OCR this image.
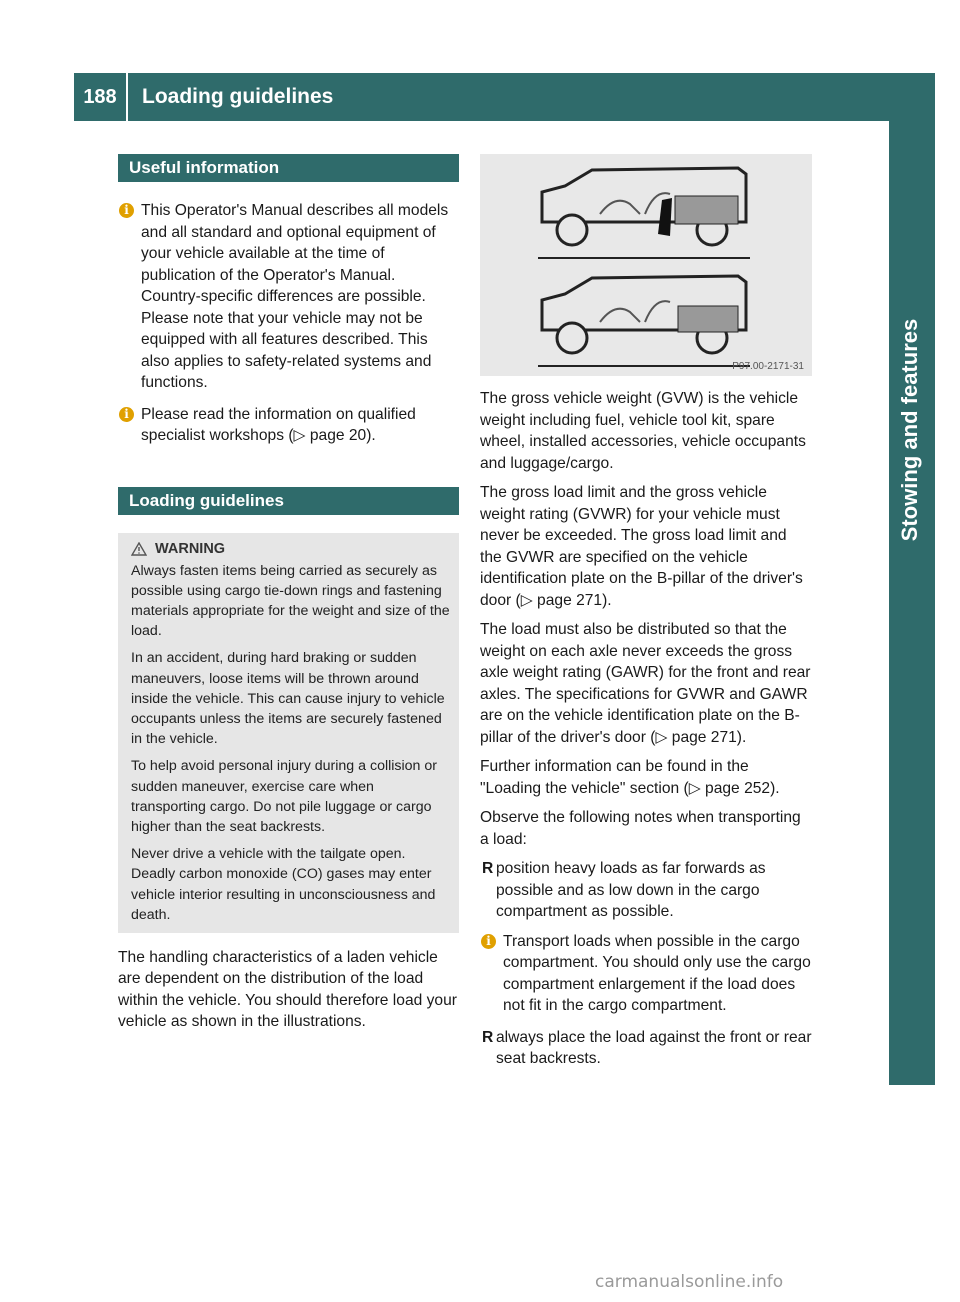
188	Loading guidelines
Stowing and features
Useful information
i This Operator's Manual describes all models and all standard and optional equipment of your vehicle available at the time of publication of the Operator's Manual. Country-specific differences are possible. Please note that your vehicle may not be equipped with all features described. This also applies to safety-related systems and functions.
i Please read the information on qualified specialist workshops (▷ page 20).
Loading guidelines
WARNING

Always fasten items being carried as securely as possible using cargo tie-down rings and fastening materials appropriate for the weight and size of the load.

In an accident, during hard braking or sudden maneuvers, loose items will be thrown around inside the vehicle. This can cause injury to vehicle occupants unless the items are securely fastened in the vehicle.

To help avoid personal injury during a collision or sudden maneuver, exercise care when transporting cargo. Do not pile luggage or cargo higher than the seat backrests.

Never drive a vehicle with the tailgate open. Deadly carbon monoxide (CO) gases may enter vehicle interior resulting in unconsciousness and death.

The handling characteristics of a laden vehicle are dependent on the distribution of the load within the vehicle. You should therefore load your vehicle as shown in the illustrations.

P97.00-2171-31

The gross vehicle weight (GVW) is the vehicle weight including fuel, vehicle tool kit, spare wheel, installed accessories, vehicle occupants and luggage/cargo.

The gross load limit and the gross vehicle weight rating (GVWR) for your vehicle must never be exceeded. The gross load limit and the GVWR are specified on the vehicle identification plate on the B-pillar of the driver's door (▷ page 271).

The load must also be distributed so that the weight on each axle never exceeds the gross axle weight rating (GAWR) for the front and rear axles. The specifications for GVWR and GAWR are on the vehicle identification plate on the B-pillar of the driver's door (▷ page 271).

Further information can be found in the "Loading the vehicle" section (▷ page 252).

Observe the following notes when transporting a load:

R position heavy loads as far forwards as possible and as low down in the cargo compartment as possible.
i Transport loads when possible in the cargo compartment. You should only use the cargo compartment enlargement if the load does not fit in the cargo compartment.
R always place the load against the front or rear seat backrests.
carmanualsonline.info
